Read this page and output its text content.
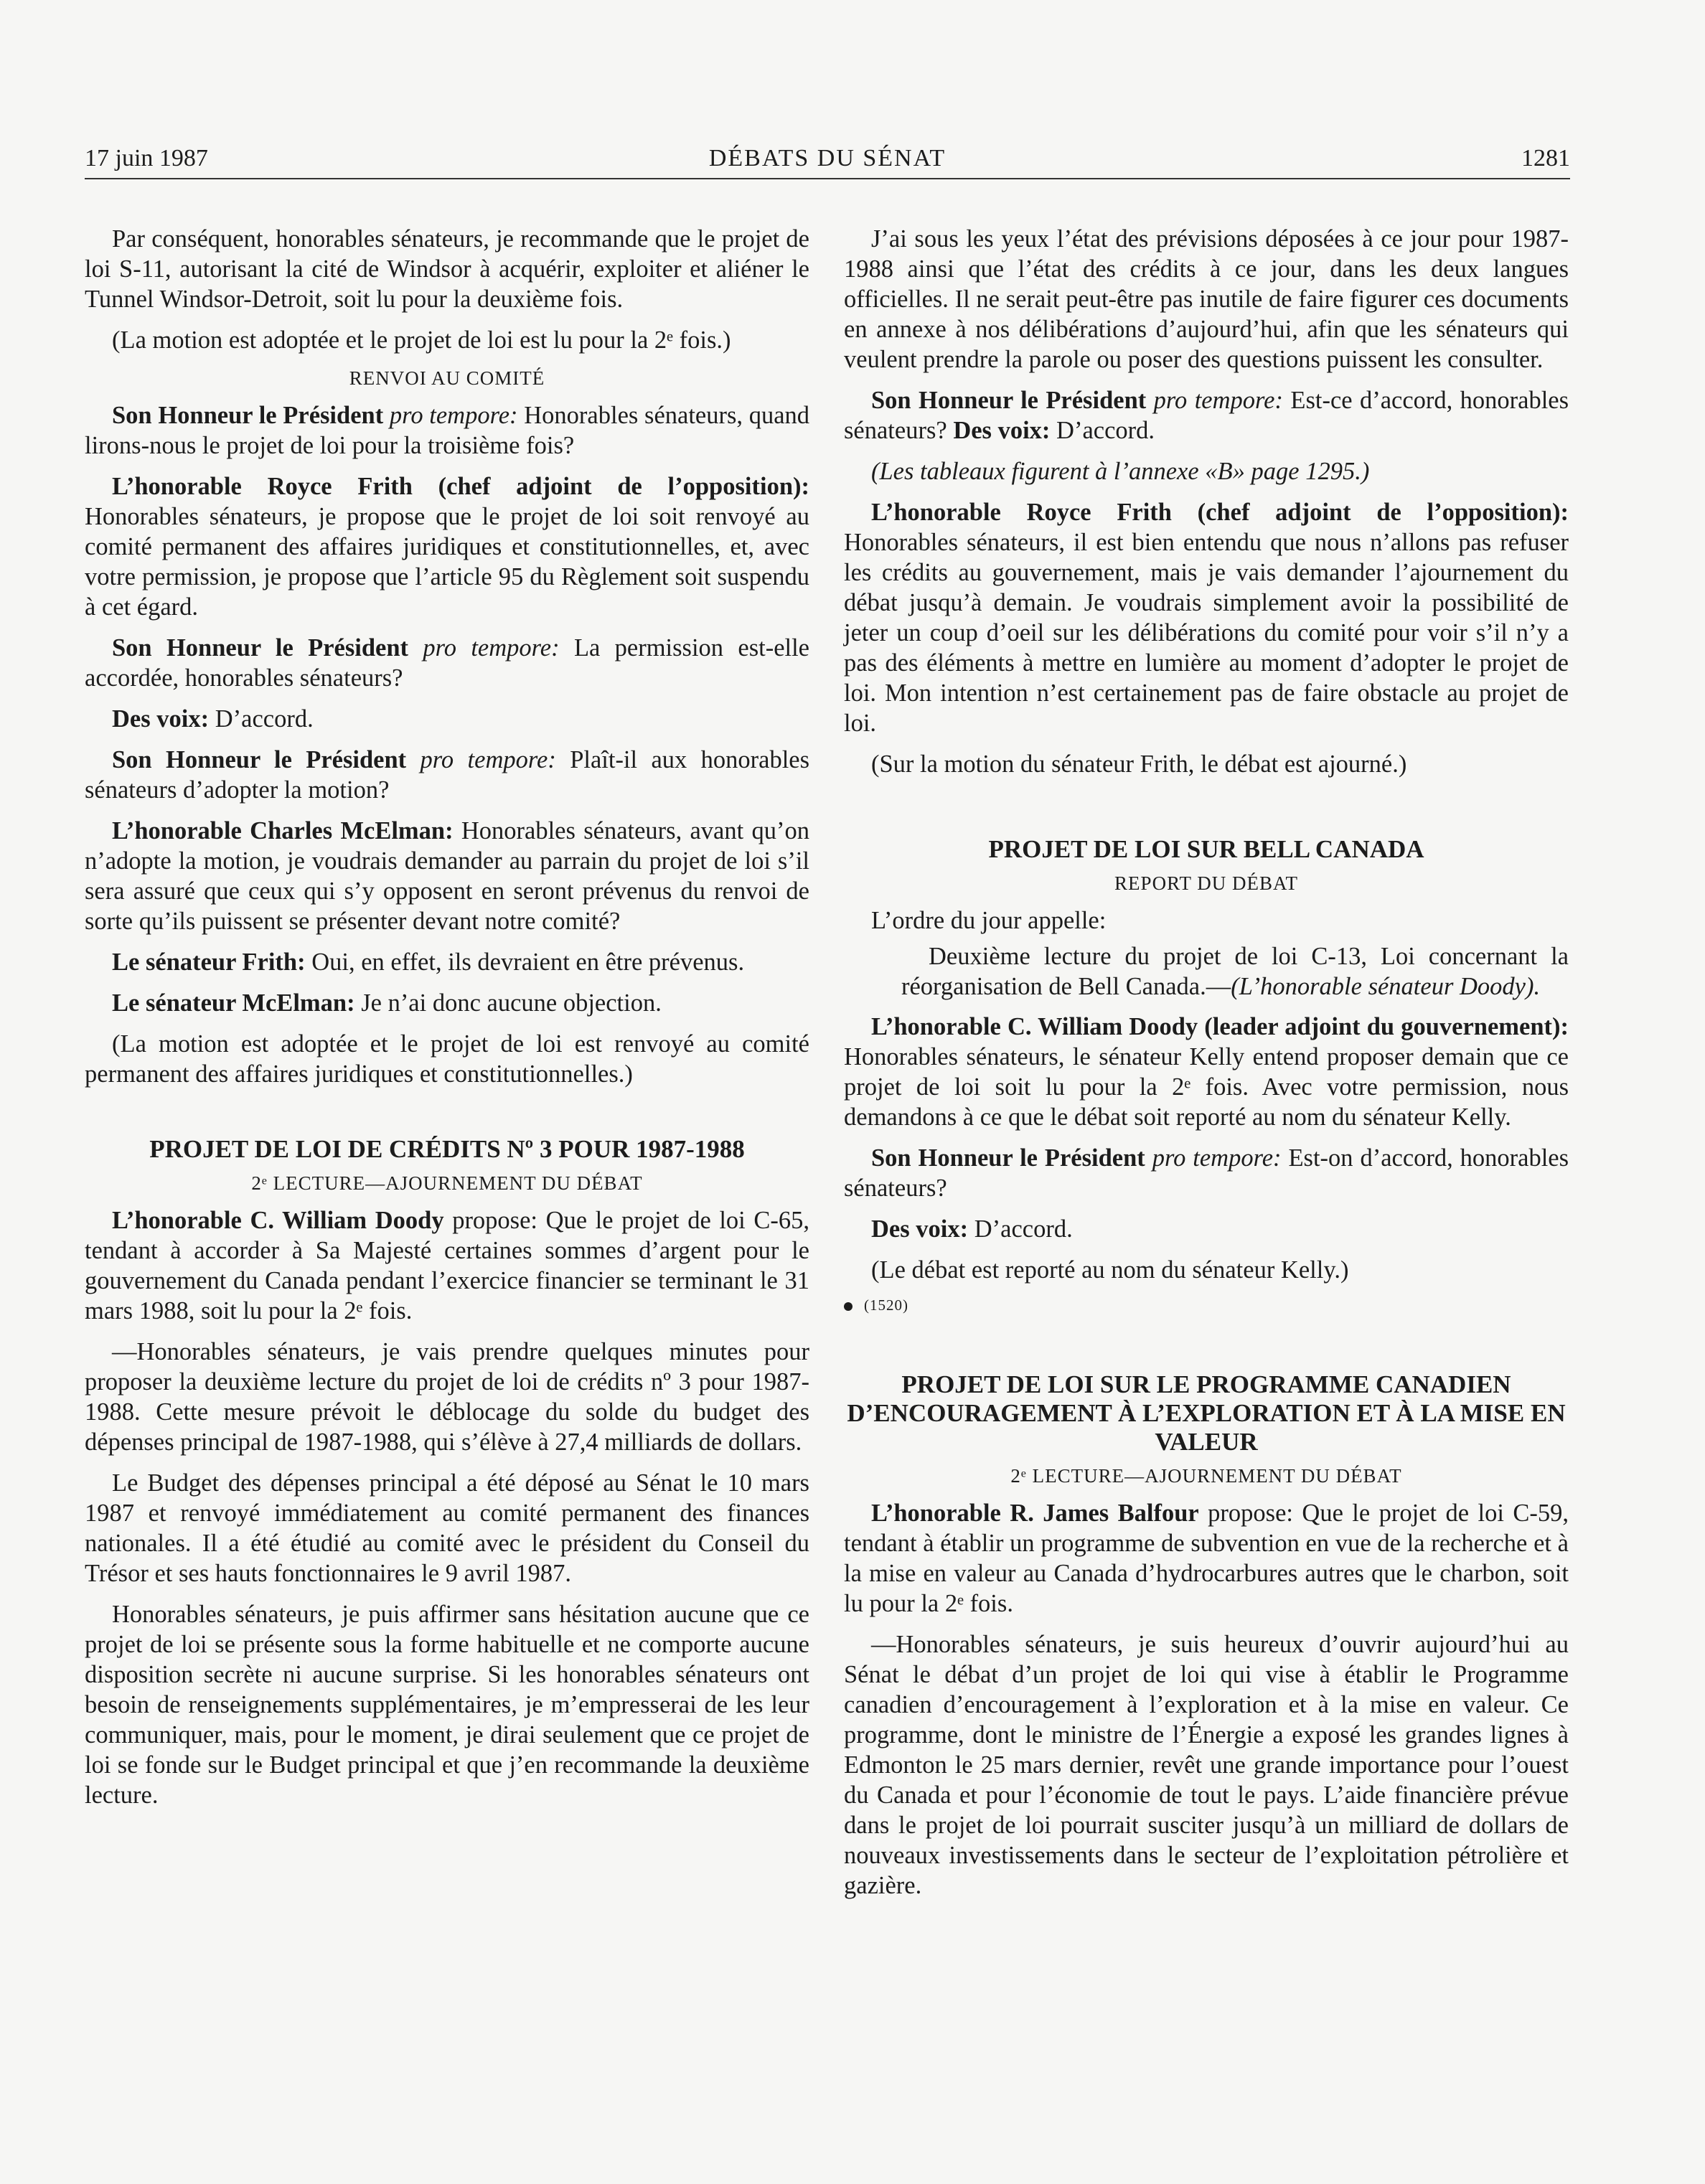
17 juin 1987	DÉBATS DU SÉNAT	1281

Par conséquent, honorables sénateurs, je recommande que le projet de loi S-11, autorisant la cité de Windsor à acquérir, exploiter et aliéner le Tunnel Windsor-Detroit, soit lu pour la deuxième fois.

(La motion est adoptée et le projet de loi est lu pour la 2ᵉ fois.)

RENVOI AU COMITÉ

Son Honneur le Président pro tempore: Honorables sénateurs, quand lirons-nous le projet de loi pour la troisième fois?

L’honorable Royce Frith (chef adjoint de l’opposition): Honorables sénateurs, je propose que le projet de loi soit renvoyé au comité permanent des affaires juridiques et constitutionnelles, et, avec votre permission, je propose que l’article 95 du Règlement soit suspendu à cet égard.

Son Honneur le Président pro tempore: La permission est-elle accordée, honorables sénateurs?

Des voix: D’accord.

Son Honneur le Président pro tempore: Plaît-il aux honorables sénateurs d’adopter la motion?

L’honorable Charles McElman: Honorables sénateurs, avant qu’on n’adopte la motion, je voudrais demander au parrain du projet de loi s’il sera assuré que ceux qui s’y opposent en seront prévenus du renvoi de sorte qu’ils puissent se présenter devant notre comité?

Le sénateur Frith: Oui, en effet, ils devraient en être prévenus.

Le sénateur McElman: Je n’ai donc aucune objection.

(La motion est adoptée et le projet de loi est renvoyé au comité permanent des affaires juridiques et constitutionnelles.)

PROJET DE LOI DE CRÉDITS Nº 3 POUR 1987-1988
2ᵉ LECTURE—AJOURNEMENT DU DÉBAT

L’honorable C. William Doody propose: Que le projet de loi C-65, tendant à accorder à Sa Majesté certaines sommes d’argent pour le gouvernement du Canada pendant l’exercice financier se terminant le 31 mars 1988, soit lu pour la 2ᵉ fois.

—Honorables sénateurs, je vais prendre quelques minutes pour proposer la deuxième lecture du projet de loi de crédits nº 3 pour 1987-1988. Cette mesure prévoit le déblocage du solde du budget des dépenses principal de 1987-1988, qui s’élève à 27,4 milliards de dollars.

Le Budget des dépenses principal a été déposé au Sénat le 10 mars 1987 et renvoyé immédiatement au comité permanent des finances nationales. Il a été étudié au comité avec le président du Conseil du Trésor et ses hauts fonctionnaires le 9 avril 1987.

Honorables sénateurs, je puis affirmer sans hésitation aucune que ce projet de loi se présente sous la forme habituelle et ne comporte aucune disposition secrète ni aucune surprise. Si les honorables sénateurs ont besoin de renseignements supplémentaires, je m’empresserai de les leur communiquer, mais, pour le moment, je dirai seulement que ce projet de loi se fonde sur le Budget principal et que j’en recommande la deuxième lecture.

J’ai sous les yeux l’état des prévisions déposées à ce jour pour 1987-1988 ainsi que l’état des crédits à ce jour, dans les deux langues officielles. Il ne serait peut-être pas inutile de faire figurer ces documents en annexe à nos délibérations d’aujourd’hui, afin que les sénateurs qui veulent prendre la parole ou poser des questions puissent les consulter.

Son Honneur le Président pro tempore: Est-ce d’accord, honorables sénateurs? Des voix: D’accord.

(Les tableaux figurent à l’annexe «B» page 1295.)

L’honorable Royce Frith (chef adjoint de l’opposition): Honorables sénateurs, il est bien entendu que nous n’allons pas refuser les crédits au gouvernement, mais je vais demander l’ajournement du débat jusqu’à demain. Je voudrais simplement avoir la possibilité de jeter un coup d’oeil sur les délibérations du comité pour voir s’il n’y a pas des éléments à mettre en lumière au moment d’adopter le projet de loi. Mon intention n’est certainement pas de faire obstacle au projet de loi.

(Sur la motion du sénateur Frith, le débat est ajourné.)

PROJET DE LOI SUR BELL CANADA
REPORT DU DÉBAT

L’ordre du jour appelle:

Deuxième lecture du projet de loi C-13, Loi concernant la réorganisation de Bell Canada.—(L’honorable sénateur Doody).

L’honorable C. William Doody (leader adjoint du gouvernement): Honorables sénateurs, le sénateur Kelly entend proposer demain que ce projet de loi soit lu pour la 2ᵉ fois. Avec votre permission, nous demandons à ce que le débat soit reporté au nom du sénateur Kelly.

Son Honneur le Président pro tempore: Est-on d’accord, honorables sénateurs?

Des voix: D’accord.

(Le débat est reporté au nom du sénateur Kelly.)

(1520)
PROJET DE LOI SUR LE PROGRAMME CANADIEN D’ENCOURAGEMENT À L’EXPLORATION ET À LA MISE EN VALEUR
2ᵉ LECTURE—AJOURNEMENT DU DÉBAT

L’honorable R. James Balfour propose: Que le projet de loi C-59, tendant à établir un programme de subvention en vue de la recherche et à la mise en valeur au Canada d’hydrocarbures autres que le charbon, soit lu pour la 2ᵉ fois.

—Honorables sénateurs, je suis heureux d’ouvrir aujourd’hui au Sénat le débat d’un projet de loi qui vise à établir le Programme canadien d’encouragement à l’exploration et à la mise en valeur. Ce programme, dont le ministre de l’Énergie a exposé les grandes lignes à Edmonton le 25 mars dernier, revêt une grande importance pour l’ouest du Canada et pour l’économie de tout le pays. L’aide financière prévue dans le projet de loi pourrait susciter jusqu’à un milliard de dollars de nouveaux investissements dans le secteur de l’exploitation pétrolière et gazière.
